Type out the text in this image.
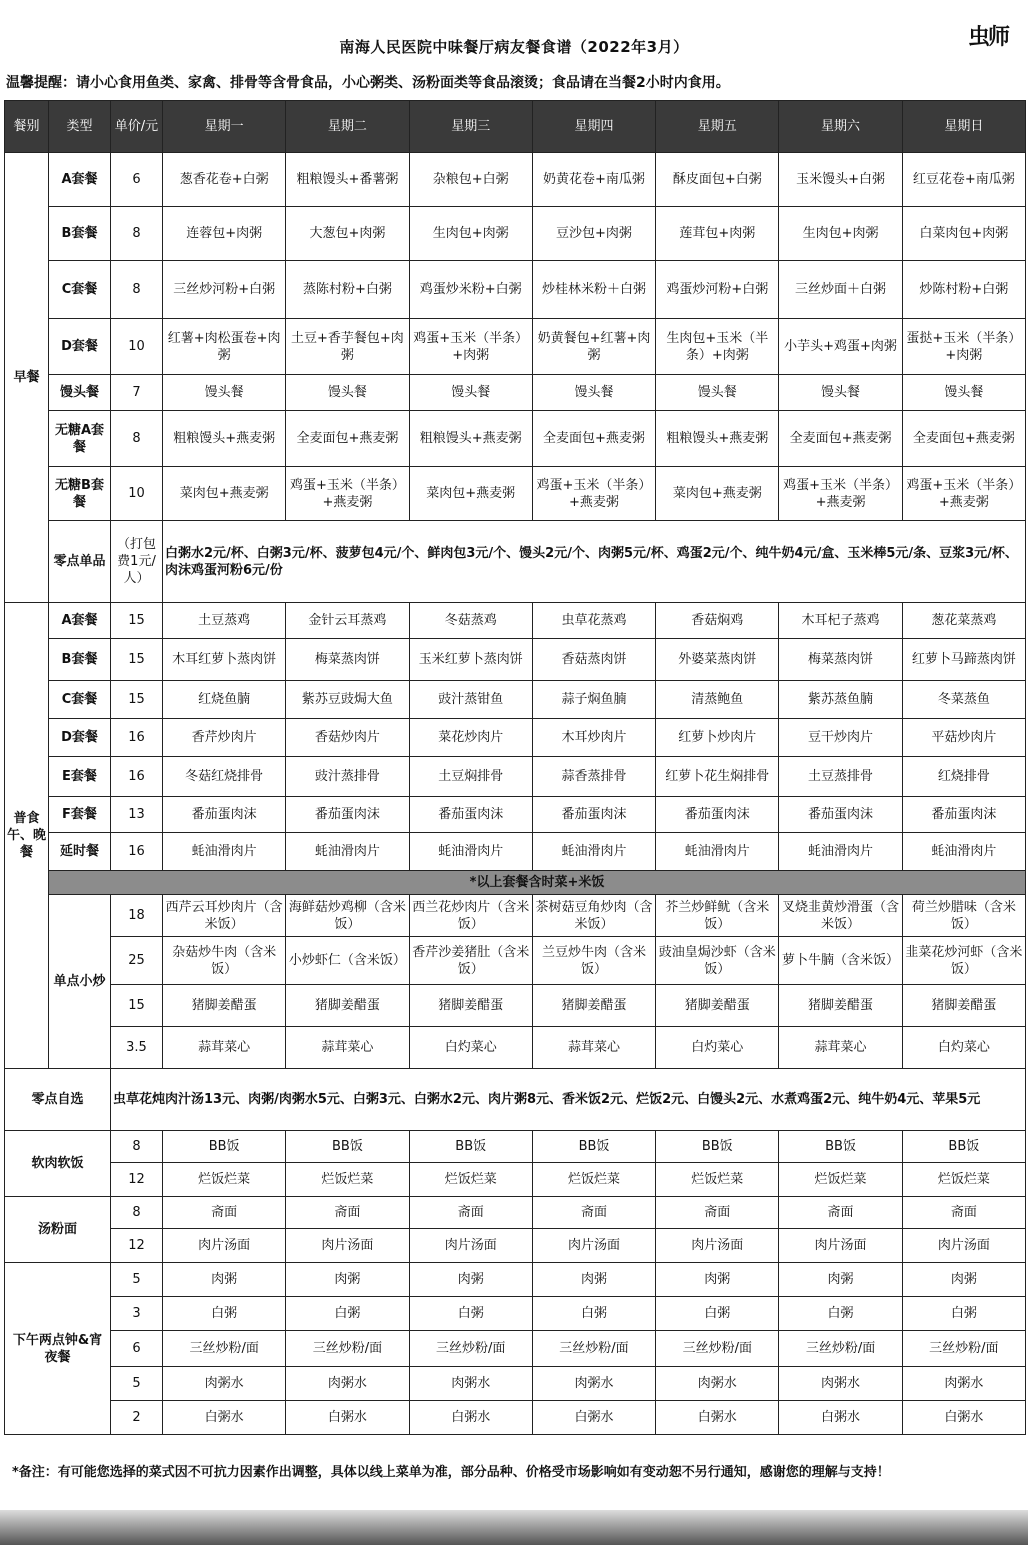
南海人民医院中味餐厅病友餐食谱（2022年3月）	虫师
温馨提醒：请小心食用鱼类、家禽、排骨等含骨食品，小心粥类、汤粉面类等食品滚烫；食品请在当餐2小时内食用。
餐别	类型	单价/元	星期一	星期二	星期三	星期四	星期五	星期六	星期日
早餐	A套餐	6	葱香花卷+白粥	粗粮馒头+番薯粥	杂粮包+白粥	奶黄花卷+南瓜粥	酥皮面包+白粥	玉米馒头+白粥	红豆花卷+南瓜粥
	B套餐	8	连蓉包+肉粥	大葱包+肉粥	生肉包+肉粥	豆沙包+肉粥	莲茸包+肉粥	生肉包+肉粥	白菜肉包+肉粥
	C套餐	8	三丝炒河粉+白粥	蒸陈村粉+白粥	鸡蛋炒米粉+白粥	炒桂林米粉＋白粥	鸡蛋炒河粉+白粥	三丝炒面＋白粥	炒陈村粉+白粥
	D套餐	10	红薯+肉松蛋卷+肉粥	土豆+香芋餐包+肉粥	鸡蛋+玉米（半条）+肉粥	奶黄餐包+红薯+肉粥	生肉包+玉米（半条）+肉粥	小芋头+鸡蛋+肉粥	蛋挞+玉米（半条）+肉粥
	馒头餐	7	馒头餐	馒头餐	馒头餐	馒头餐	馒头餐	馒头餐	馒头餐
	无糖A套餐	8	粗粮馒头+燕麦粥	全麦面包+燕麦粥	粗粮馒头+燕麦粥	全麦面包+燕麦粥	粗粮馒头+燕麦粥	全麦面包+燕麦粥	全麦面包+燕麦粥
	无糖B套餐	10	菜肉包+燕麦粥	鸡蛋+玉米（半条）+燕麦粥	菜肉包+燕麦粥	鸡蛋+玉米（半条）+燕麦粥	菜肉包+燕麦粥	鸡蛋+玉米（半条）+燕麦粥	鸡蛋+玉米（半条）+燕麦粥
	零点单品	（打包费1元/人）	白粥水2元/杯、白粥3元/杯、菠萝包4元/个、鲜肉包3元/个、馒头2元/个、肉粥5元/杯、鸡蛋2元/个、纯牛奶4元/盒、玉米棒5元/条、豆浆3元/杯、肉沫鸡蛋河粉6元/份						
普食午、晚餐	A套餐	15	土豆蒸鸡	金针云耳蒸鸡	冬菇蒸鸡	虫草花蒸鸡	香菇焖鸡	木耳杞子蒸鸡	葱花菜蒸鸡
	B套餐	15	木耳红萝卜蒸肉饼	梅菜蒸肉饼	玉米红萝卜蒸肉饼	香菇蒸肉饼	外婆菜蒸肉饼	梅菜蒸肉饼	红萝卜马蹄蒸肉饼
	C套餐	15	红烧鱼腩	紫苏豆豉焗大鱼	豉汁蒸钳鱼	蒜子焖鱼腩	清蒸鲍鱼	紫苏蒸鱼腩	冬菜蒸鱼
	D套餐	16	香芹炒肉片	香菇炒肉片	菜花炒肉片	木耳炒肉片	红萝卜炒肉片	豆干炒肉片	平菇炒肉片
	E套餐	16	冬菇红烧排骨	豉汁蒸排骨	土豆焖排骨	蒜香蒸排骨	红萝卜花生焖排骨	土豆蒸排骨	红烧排骨
	F套餐	13	番茄蛋肉沫	番茄蛋肉沫	番茄蛋肉沫	番茄蛋肉沫	番茄蛋肉沫	番茄蛋肉沫	番茄蛋肉沫
	延时餐	16	蚝油滑肉片	蚝油滑肉片	蚝油滑肉片	蚝油滑肉片	蚝油滑肉片	蚝油滑肉片	蚝油滑肉片
	*以上套餐含时菜+米饭								
	单点小炒	18	西芹云耳炒肉片（含米饭）	海鲜菇炒鸡柳（含米饭）	西兰花炒肉片（含米饭）	茶树菇豆角炒肉（含米饭）	芥兰炒鲜鱿（含米饭）	叉烧韭黄炒滑蛋（含米饭）	荷兰炒腊味（含米饭）
		25	杂菇炒牛肉（含米饭）	小炒虾仁（含米饭）	香芹沙姜猪肚（含米饭）	兰豆炒牛肉（含米饭）	豉油皇焗沙虾（含米饭）	萝卜牛腩（含米饭）	韭菜花炒河虾（含米饭）
		15	猪脚姜醋蛋	猪脚姜醋蛋	猪脚姜醋蛋	猪脚姜醋蛋	猪脚姜醋蛋	猪脚姜醋蛋	猪脚姜醋蛋
		3.5	蒜茸菜心	蒜茸菜心	白灼菜心	蒜茸菜心	白灼菜心	蒜茸菜心	白灼菜心
零点自选		虫草花炖肉汁汤13元、肉粥/肉粥水5元、白粥3元、白粥水2元、肉片粥8元、香米饭2元、烂饭2元、白馒头2元、水煮鸡蛋2元、纯牛奶4元、苹果5元							
软肉软饭		8	BB饭	BB饭	BB饭	BB饭	BB饭	BB饭	BB饭
		12	烂饭烂菜	烂饭烂菜	烂饭烂菜	烂饭烂菜	烂饭烂菜	烂饭烂菜	烂饭烂菜
汤粉面		8	斋面	斋面	斋面	斋面	斋面	斋面	斋面
		12	肉片汤面	肉片汤面	肉片汤面	肉片汤面	肉片汤面	肉片汤面	肉片汤面
下午两点钟&宵夜餐		5	肉粥	肉粥	肉粥	肉粥	肉粥	肉粥	肉粥
		3	白粥	白粥	白粥	白粥	白粥	白粥	白粥
		6	三丝炒粉/面	三丝炒粉/面	三丝炒粉/面	三丝炒粉/面	三丝炒粉/面	三丝炒粉/面	三丝炒粉/面
		5	肉粥水	肉粥水	肉粥水	肉粥水	肉粥水	肉粥水	肉粥水
		2	白粥水	白粥水	白粥水	白粥水	白粥水	白粥水	白粥水
*备注：有可能您选择的菜式因不可抗力因素作出调整，具体以线上菜单为准，部分品种、价格受市场影响如有变动恕不另行通知，感谢您的理解与支持！
